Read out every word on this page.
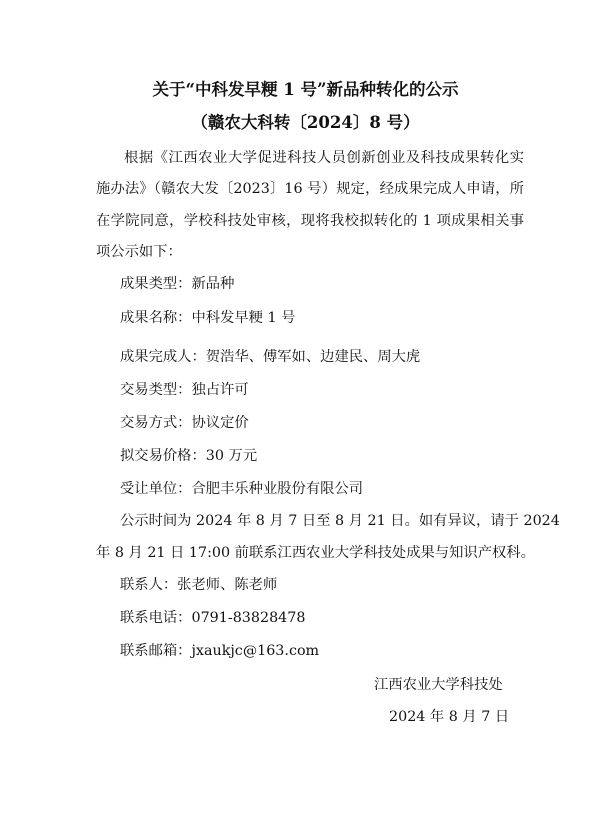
关于“中科发早粳 1 号”新品种转化的公示
（赣农大科转〔2024〕8 号）
根据《江西农业大学促进科技人员创新创业及科技成果转化实施办法》（赣农大发〔2023〕16 号）规定，经成果完成人申请，所在学院同意，学校科技处审核，现将我校拟转化的 1 项成果相关事项公示如下：
成果类型：新品种
成果名称：中科发早粳 1 号
成果完成人：贺浩华、傅军如、边建民、周大虎
交易类型：独占许可
交易方式：协议定价
拟交易价格：30 万元
受让单位：合肥丰乐种业股份有限公司
公示时间为 2024 年 8 月 7 日至 8 月 21 日。如有异议，请于 2024
年 8 月 21 日 17:00 前联系江西农业大学科技处成果与知识产权科。
联系人：张老师、陈老师
联系电话：0791-83828478
联系邮箱：jxaukjc@163.com
江西农业大学科技处
2024 年 8 月 7 日
